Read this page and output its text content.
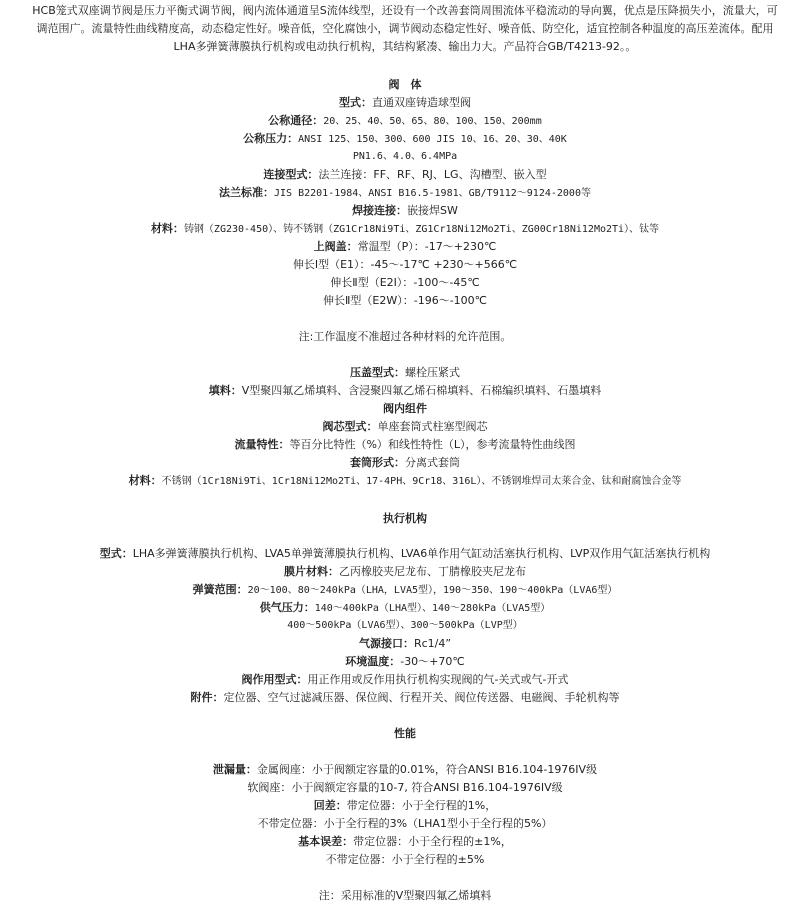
HCB笼式双座调节阀是压力平衡式调节阀，阀内流体通道呈S流体线型，还设有一个改善套筒周围流体平稳流动的导向翼，优点是压降损失小，流量大，可
调范围广。流量特性曲线精度高，动态稳定性好。噪音低，空化腐蚀小，调节阀动态稳定性好、噪音低、防空化，适宜控制各种温度的高压差流体。配用
LHA多弹簧薄膜执行机构或电动执行机构，其结构紧凑、输出力大。产品符合GB/T4213-92。。
阀　体
型式：直通双座铸造球型阀
公称通径：20、25、40、50、65、80、100、150、200mm
公称压力：ANSI 125、150、300、600 JIS 10、16、20、30、40K
PN1.6、4.0、6.4MPa
连接型式：法兰连接：FF、RF、RJ、LG、沟槽型、嵌入型
法兰标准：JIS B2201-1984、ANSI B16.5-1981、GB/T9112～9124-2000等
焊接连接：嵌接焊SW
材料：铸钢（ZG230-450）、铸不锈钢（ZG1Cr18Ni9Ti、ZG1Cr18Ni12Mo2Ti、ZG00Cr18Ni12Mo2Ti）、钛等
上阀盖：常温型（P）：-17～+230℃
伸长Ⅰ型（E1）：-45～-17℃ +230～+566℃
伸长Ⅱ型（E2I）：-100～-45℃
伸长Ⅱ型（E2W）：-196～-100℃
注:工作温度不准超过各种材料的允许范围。
压盖型式：螺栓压紧式
填料：V型聚四氟乙烯填料、含浸聚四氟乙烯石棉填料、石棉编织填料、石墨填料
阀内组件
阀芯型式：单座套筒式柱塞型阀芯
流量特性：等百分比特性（%）和线性特性（L），参考流量特性曲线图
套筒形式：分离式套筒
材料：不锈钢（1Cr18Ni9Ti、1Cr18Ni12Mo2Ti、17-4PH、9Cr18、316L）、不锈钢堆焊司太莱合金、钛和耐腐蚀合金等
执行机构
型式：LHA多弹簧薄膜执行机构、LVA5单弹簧薄膜执行机构、LVA6单作用气缸动活塞执行机构、LVP双作用气缸活塞执行机构
膜片材料：乙丙橡胶夹尼龙布、丁腈橡胶夹尼龙布
弹簧范围：20～100、80～240kPa（LHA，LVA5型），190～350、190～400kPa（LVA6型）
供气压力：140～400kPa（LHA型）、140～280kPa（LVA5型）
400～500kPa（LVA6型）、300～500kPa（LVP型）
气源接口：Rc1/4”
环境温度：-30～+70℃
阀作用型式：用正作用或反作用执行机构实现阀的气-关式或气-开式
附件：定位器、空气过滤减压器、保位阀、行程开关、阀位传送器、电磁阀、手轮机构等
性能
泄漏量：金属阀座：小于阀额定容量的0.01%，符合ANSI B16.104-1976IV级
软阀座：小于阀额定容量的10-7, 符合ANSI B16.104-1976IV级
回差：带定位器：小于全行程的1%，
不带定位器：小于全行程的3%（LHA1型小于全行程的5%）
基本误差：带定位器：小于全行程的±1%，
不带定位器：小于全行程的±5%
注：采用标准的V型聚四氟乙烯填料
